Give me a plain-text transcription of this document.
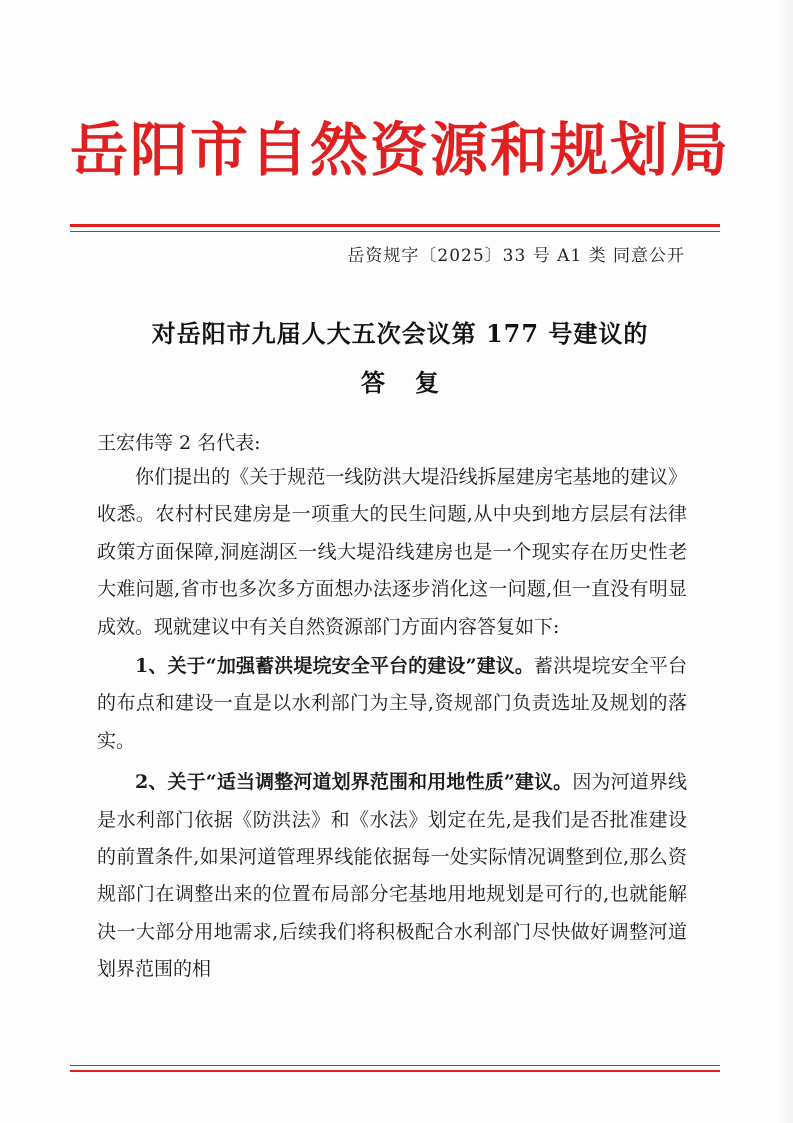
岳阳市自然资源和规划局
岳资规字〔2025〕33 号 A1 类 同意公开
对岳阳市九届人大五次会议第 177 号建议的
答复
王宏伟等 2 名代表:

你们提出的《关于规范一线防洪大堤沿线拆屋建房宅基地的建议》收悉。农村村民建房是一项重大的民生问题,从中央到地方层层有法律政策方面保障,洞庭湖区一线大堤沿线建房也是一个现实存在历史性老大难问题,省市也多次多方面想办法逐步消化这一问题,但一直没有明显成效。现就建议中有关自然资源部门方面内容答复如下:

1、关于“加强蓄洪堤垸安全平台的建设”建议。蓄洪堤垸安全平台的布点和建设一直是以水利部门为主导,资规部门负责选址及规划的落实。

2、关于“适当调整河道划界范围和用地性质”建议。因为河道界线是水利部门依据《防洪法》和《水法》划定在先,是我们是否批准建设的前置条件,如果河道管理界线能依据每一处实际情况调整到位,那么资规部门在调整出来的位置布局部分宅基地用地规划是可行的,也就能解决一大部分用地需求,后续我们将积极配合水利部门尽快做好调整河道划界范围的相
